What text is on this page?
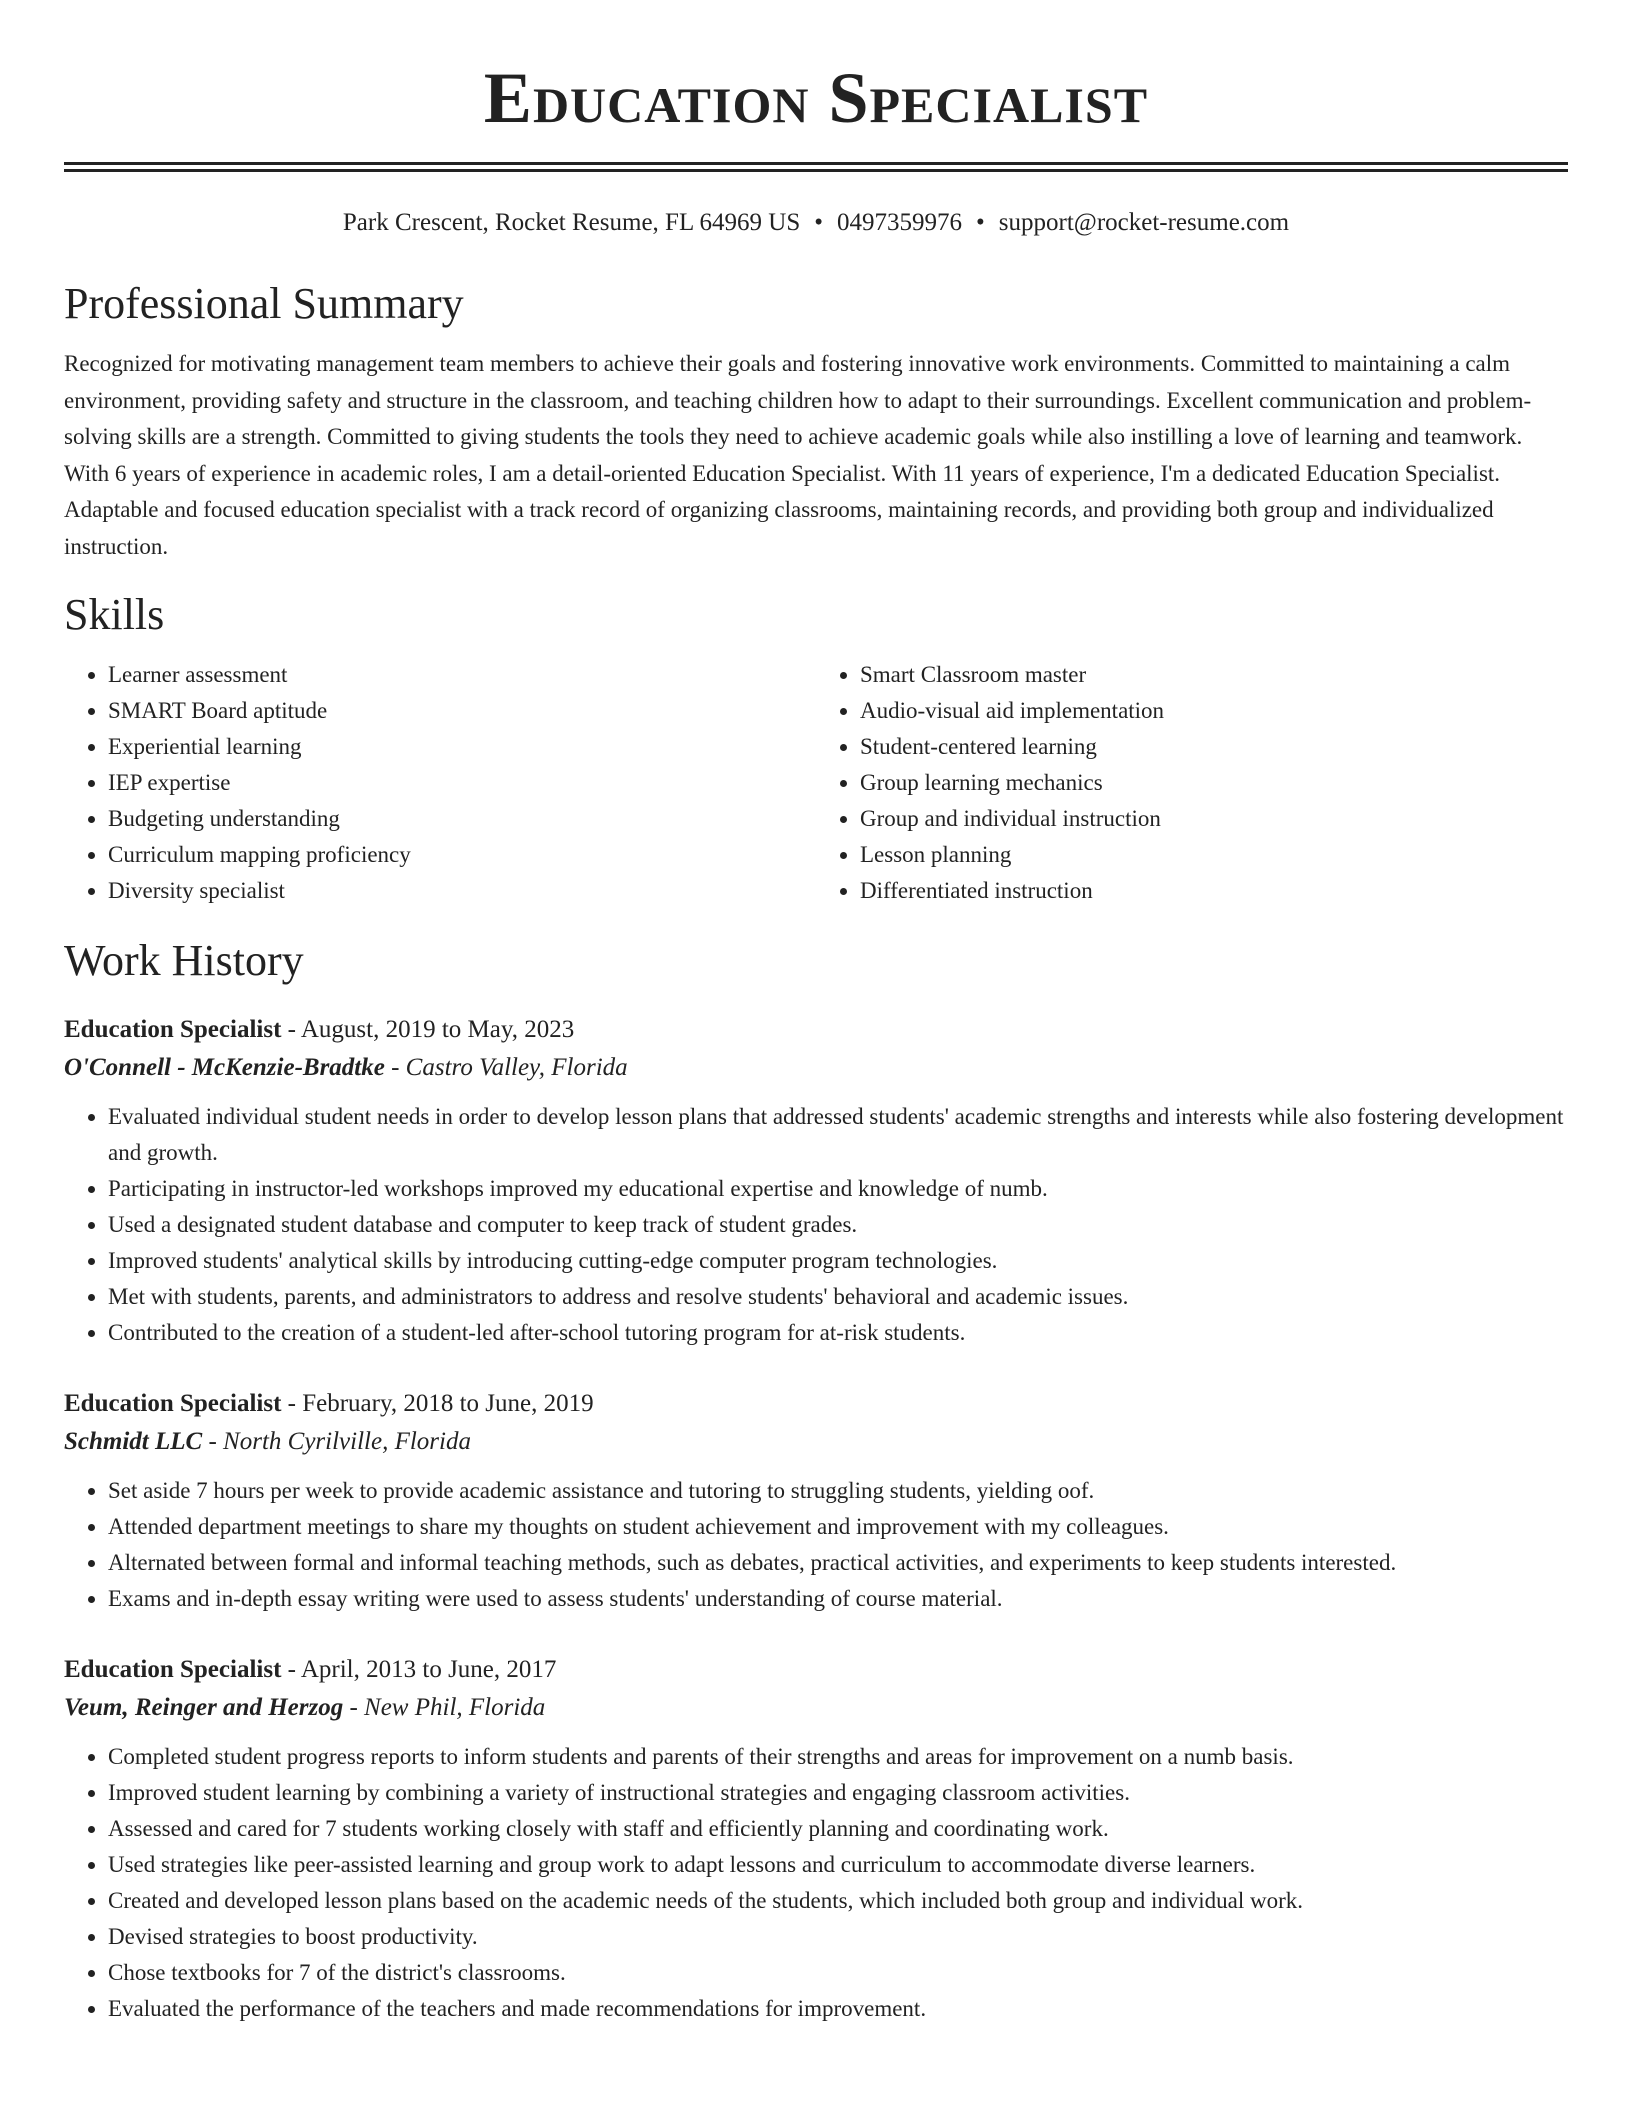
Education Specialist
Park Crescent, Rocket Resume, FL 64969 US • 0497359976 • support@rocket-resume.com
Professional Summary
Recognized for motivating management team members to achieve their goals and fostering innovative work environments. Committed to maintaining a calm environment, providing safety and structure in the classroom, and teaching children how to adapt to their surroundings. Excellent communication and problem-solving skills are a strength. Committed to giving students the tools they need to achieve academic goals while also instilling a love of learning and teamwork. With 6 years of experience in academic roles, I am a detail-oriented Education Specialist. With 11 years of experience, I'm a dedicated Education Specialist. Adaptable and focused education specialist with a track record of organizing classrooms, maintaining records, and providing both group and individualized instruction.
Skills
• Learner assessment
• SMART Board aptitude
• Experiential learning
• IEP expertise
• Budgeting understanding
• Curriculum mapping proficiency
• Diversity specialist
• Smart Classroom master
• Audio-visual aid implementation
• Student-centered learning
• Group learning mechanics
• Group and individual instruction
• Lesson planning
• Differentiated instruction
Work History
Education Specialist - August, 2019 to May, 2023
O'Connell - McKenzie-Bradtke - Castro Valley, Florida
• Evaluated individual student needs in order to develop lesson plans that addressed students' academic strengths and interests while also fostering development and growth.
• Participating in instructor-led workshops improved my educational expertise and knowledge of numb.
• Used a designated student database and computer to keep track of student grades.
• Improved students' analytical skills by introducing cutting-edge computer program technologies.
• Met with students, parents, and administrators to address and resolve students' behavioral and academic issues.
• Contributed to the creation of a student-led after-school tutoring program for at-risk students.
Education Specialist - February, 2018 to June, 2019
Schmidt LLC - North Cyrilville, Florida
• Set aside 7 hours per week to provide academic assistance and tutoring to struggling students, yielding oof.
• Attended department meetings to share my thoughts on student achievement and improvement with my colleagues.
• Alternated between formal and informal teaching methods, such as debates, practical activities, and experiments to keep students interested.
• Exams and in-depth essay writing were used to assess students' understanding of course material.
Education Specialist - April, 2013 to June, 2017
Veum, Reinger and Herzog - New Phil, Florida
• Completed student progress reports to inform students and parents of their strengths and areas for improvement on a numb basis.
• Improved student learning by combining a variety of instructional strategies and engaging classroom activities.
• Assessed and cared for 7 students working closely with staff and efficiently planning and coordinating work.
• Used strategies like peer-assisted learning and group work to adapt lessons and curriculum to accommodate diverse learners.
• Created and developed lesson plans based on the academic needs of the students, which included both group and individual work.
• Devised strategies to boost productivity.
• Chose textbooks for 7 of the district's classrooms.
• Evaluated the performance of the teachers and made recommendations for improvement.
